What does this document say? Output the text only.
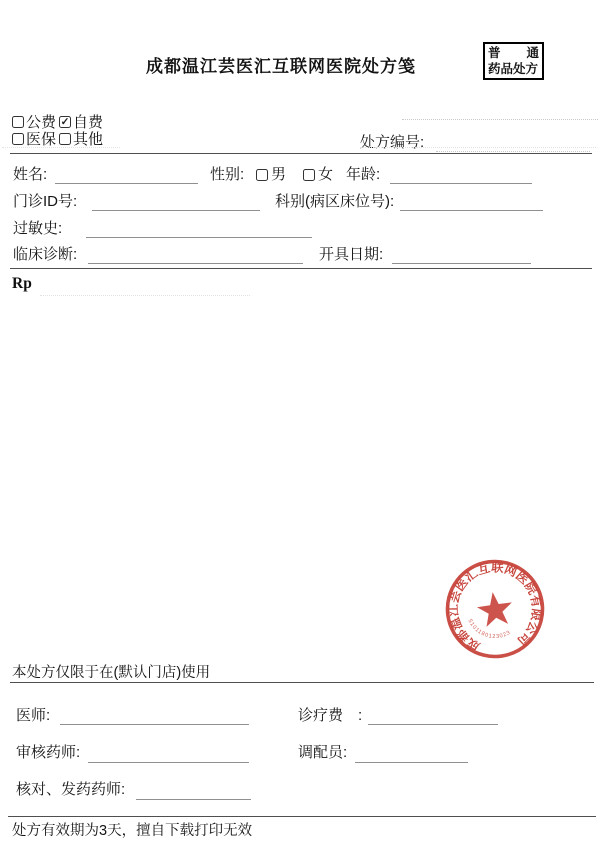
成都温江芸医汇互联网医院处方笺
普 通
药品处方
公费 ✓ 自费
医保 其他	处方编号:
姓名:	性别: 男 女 年龄:
门诊ID号:	科别(病区床位号):
过敏史:
临床诊断:	开具日期:
Rp
成都温江芸医汇互联网医院有限公司
5101180123023
本处方仅限于在(默认门店)使用
医师:	诊疗费　:
审核药师:	调配员:
核对、发药药师:
处方有效期为3天，擅自下载打印无效
